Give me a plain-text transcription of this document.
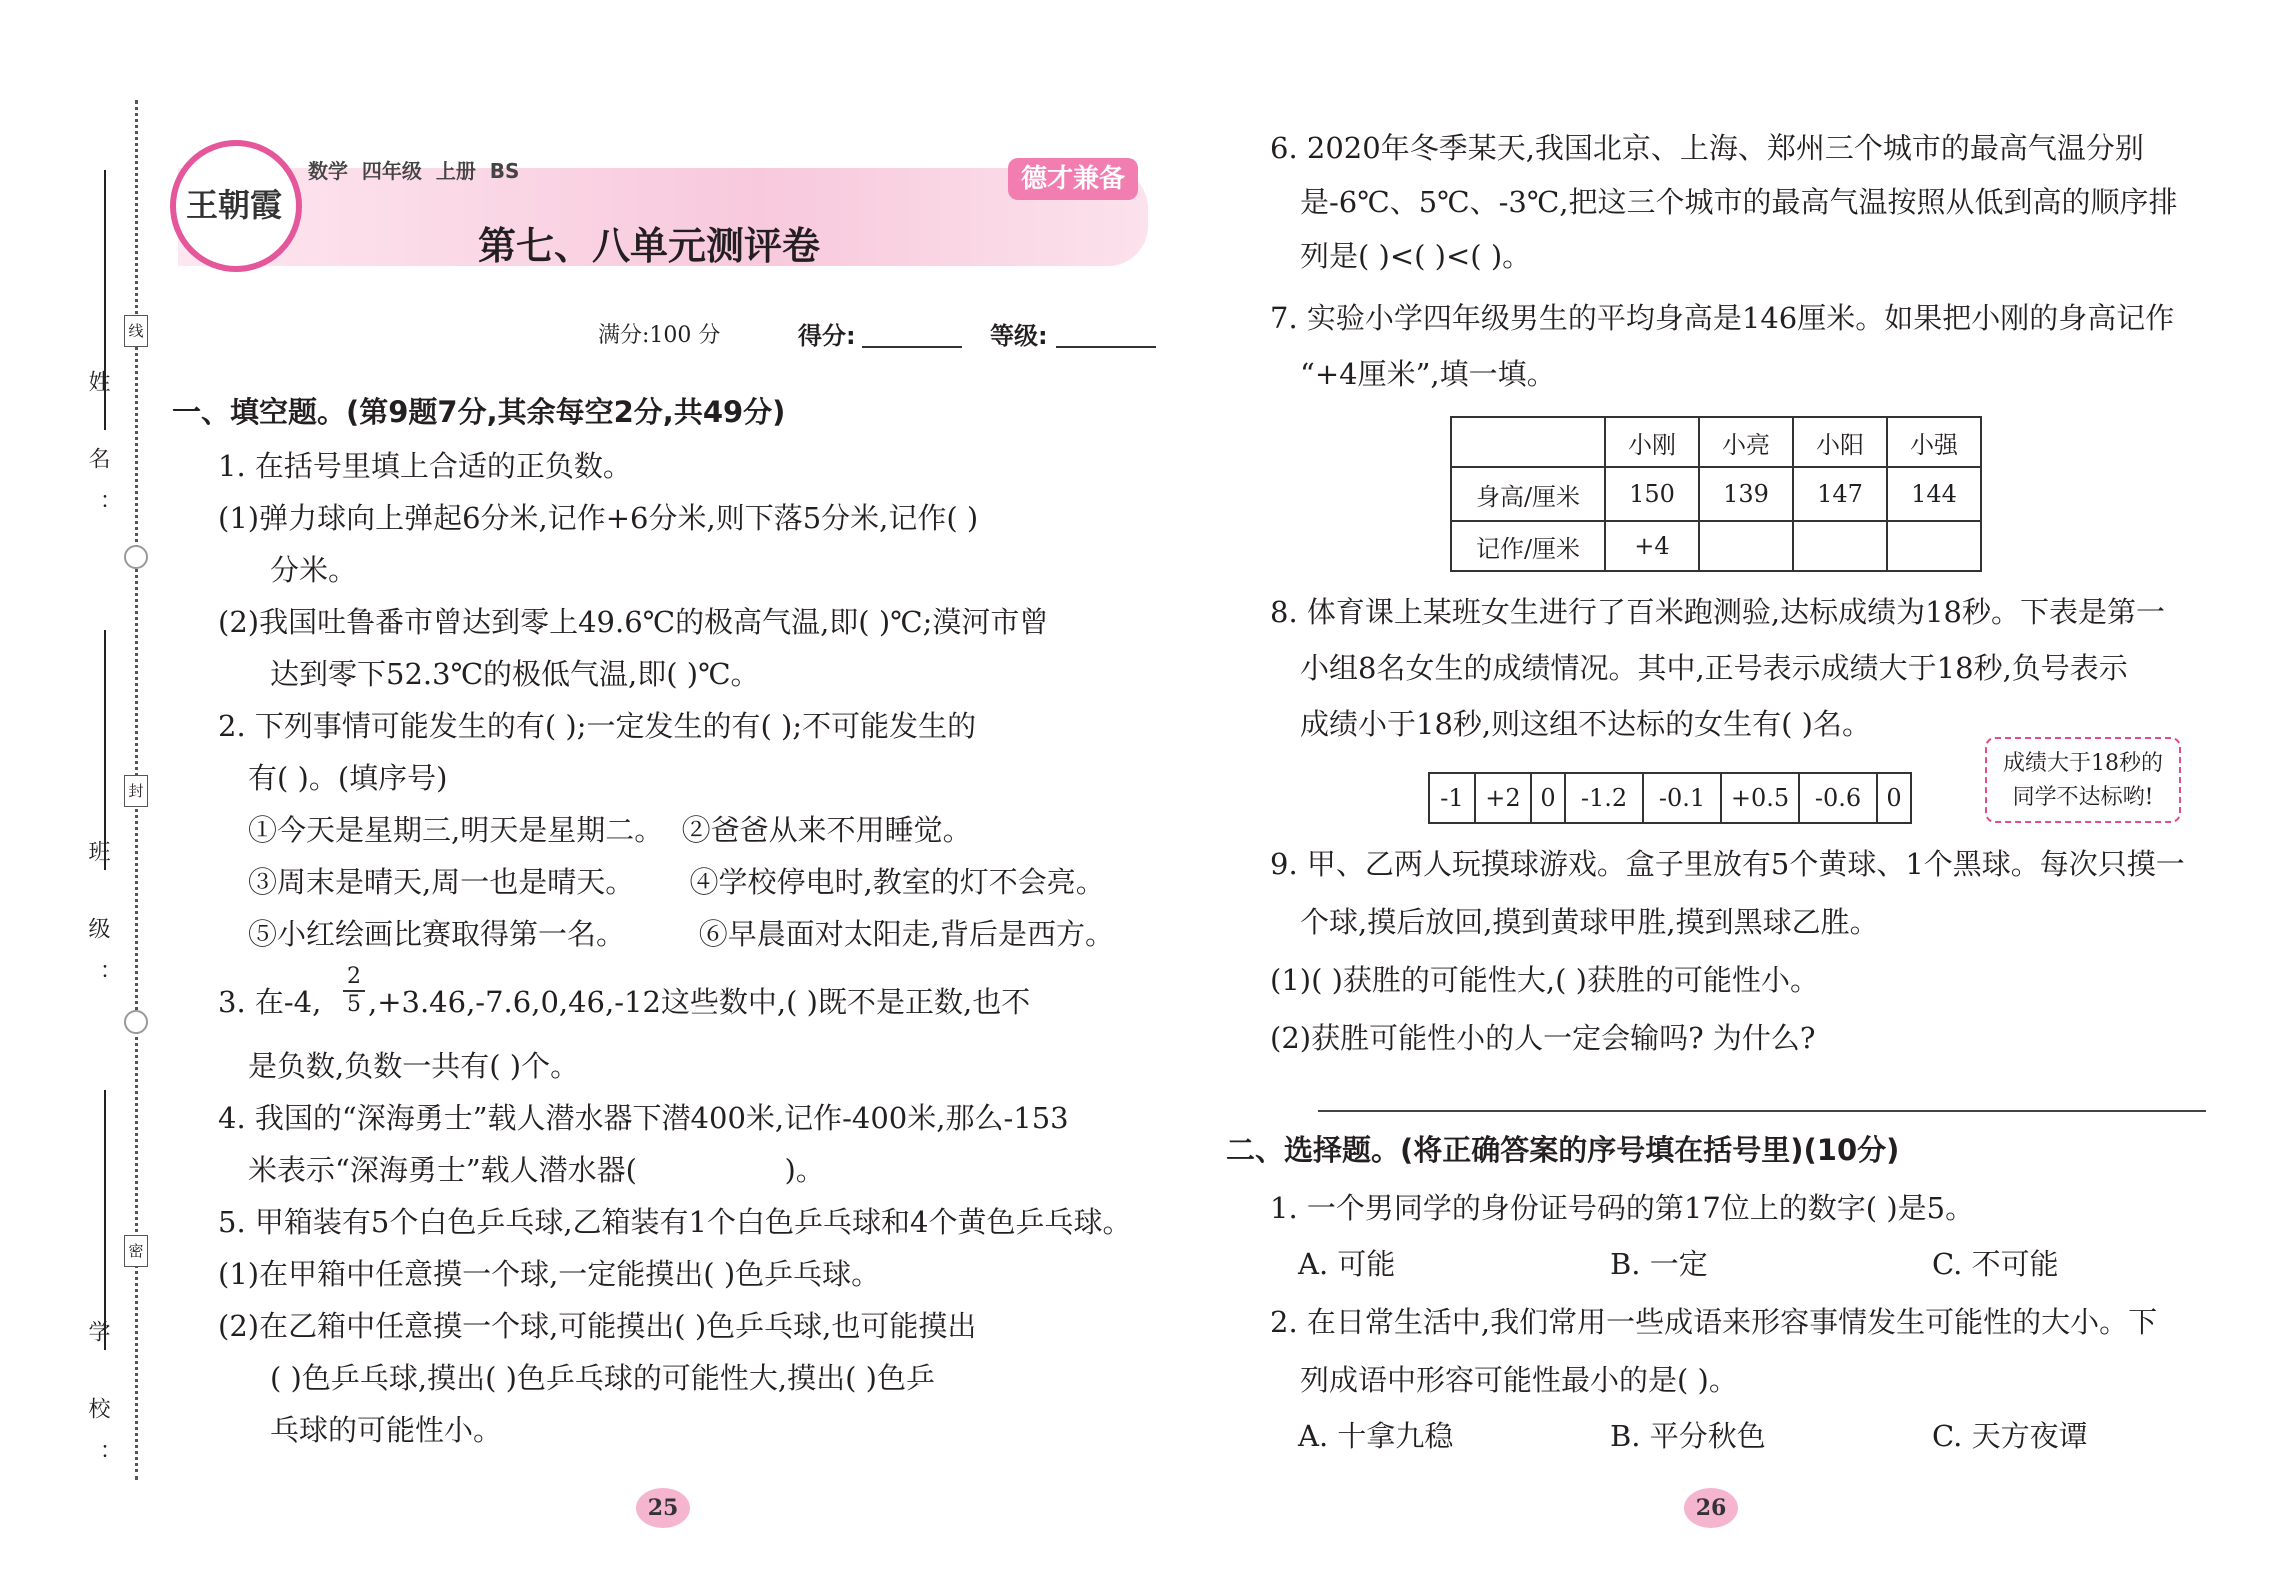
姓 名：
线
班 级：
封
学 校：
密
王朝霞
数学  四年级  上册  BS	德才兼备
第七、八单元测评卷
满分:100 分	得分:	等级:
一、填空题。(第9题7分,其余每空2分,共49分)
1. 在括号里填上合适的正负数。
(1)弹力球向上弹起6分米,记作+6分米,则下落5分米,记作( )
分米。
(2)我国吐鲁番市曾达到零上49.6℃的极高气温,即( )℃;漠河市曾
达到零下52.3℃的极低气温,即( )℃。
2. 下列事情可能发生的有( );一定发生的有( );不可能发生的
有( )。(填序号)
①今天是星期三,明天是星期二。  ②爸爸从来不用睡觉。
③周末是晴天,周一也是晴天。      ④学校停电时,教室的灯不会亮。
⑤小红绘画比赛取得第一名。        ⑥早晨面对太阳走,背后是西方。
3. 在-4, $\frac{2}{5} ,+3.46,-7.6,0,46,-12$这些数中,( )既不是正数,也不
是负数,负数一共有( )个。
4. 我国的“深海勇士”载人潜水器下潜400米,记作-400米,那么-153
米表示“深海勇士”载人潜水器(                )。
5. 甲箱装有5个白色乒乓球,乙箱装有1个白色乒乓球和4个黄色乒乓球。
(1)在甲箱中任意摸一个球,一定能摸出( )色乒乓球。
(2)在乙箱中任意摸一个球,可能摸出( )色乒乓球,也可能摸出
( )色乒乓球,摸出( )色乒乓球的可能性大,摸出( )色乒
乓球的可能性小。
25
6. 2020年冬季某天,我国北京、上海、郑州三个城市的最高气温分别
是-6℃、5℃、-3℃,把这三个城市的最高气温按照从低到高的顺序排
列是( )<( )<( )。
7. 实验小学四年级男生的平均身高是146厘米。如果把小刚的身高记作
“+4厘米”,填一填。
	小刚	小亮	小阳	小强
身高/厘米	150	139	147	144
记作/厘米	+4			
8. 体育课上某班女生进行了百米跑测验,达标成绩为18秒。下表是第一
小组8名女生的成绩情况。其中,正号表示成绩大于18秒,负号表示
成绩小于18秒,则这组不达标的女生有( )名。
成绩大于18秒的
同学不达标哟!
-1	+2	0	-1.2	-0.1	+0.5	-0.6	0
9. 甲、乙两人玩摸球游戏。盒子里放有5个黄球、1个黑球。每次只摸一
个球,摸后放回,摸到黄球甲胜,摸到黑球乙胜。
(1)( )获胜的可能性大,( )获胜的可能性小。
(2)获胜可能性小的人一定会输吗? 为什么?
二、选择题。(将正确答案的序号填在括号里)(10分)
1. 一个男同学的身份证号码的第17位上的数字( )是5。
A. 可能	B. 一定	C. 不可能
2. 在日常生活中,我们常用一些成语来形容事情发生可能性的大小。下
列成语中形容可能性最小的是( )。
A. 十拿九稳	B. 平分秋色	C. 天方夜谭
26
